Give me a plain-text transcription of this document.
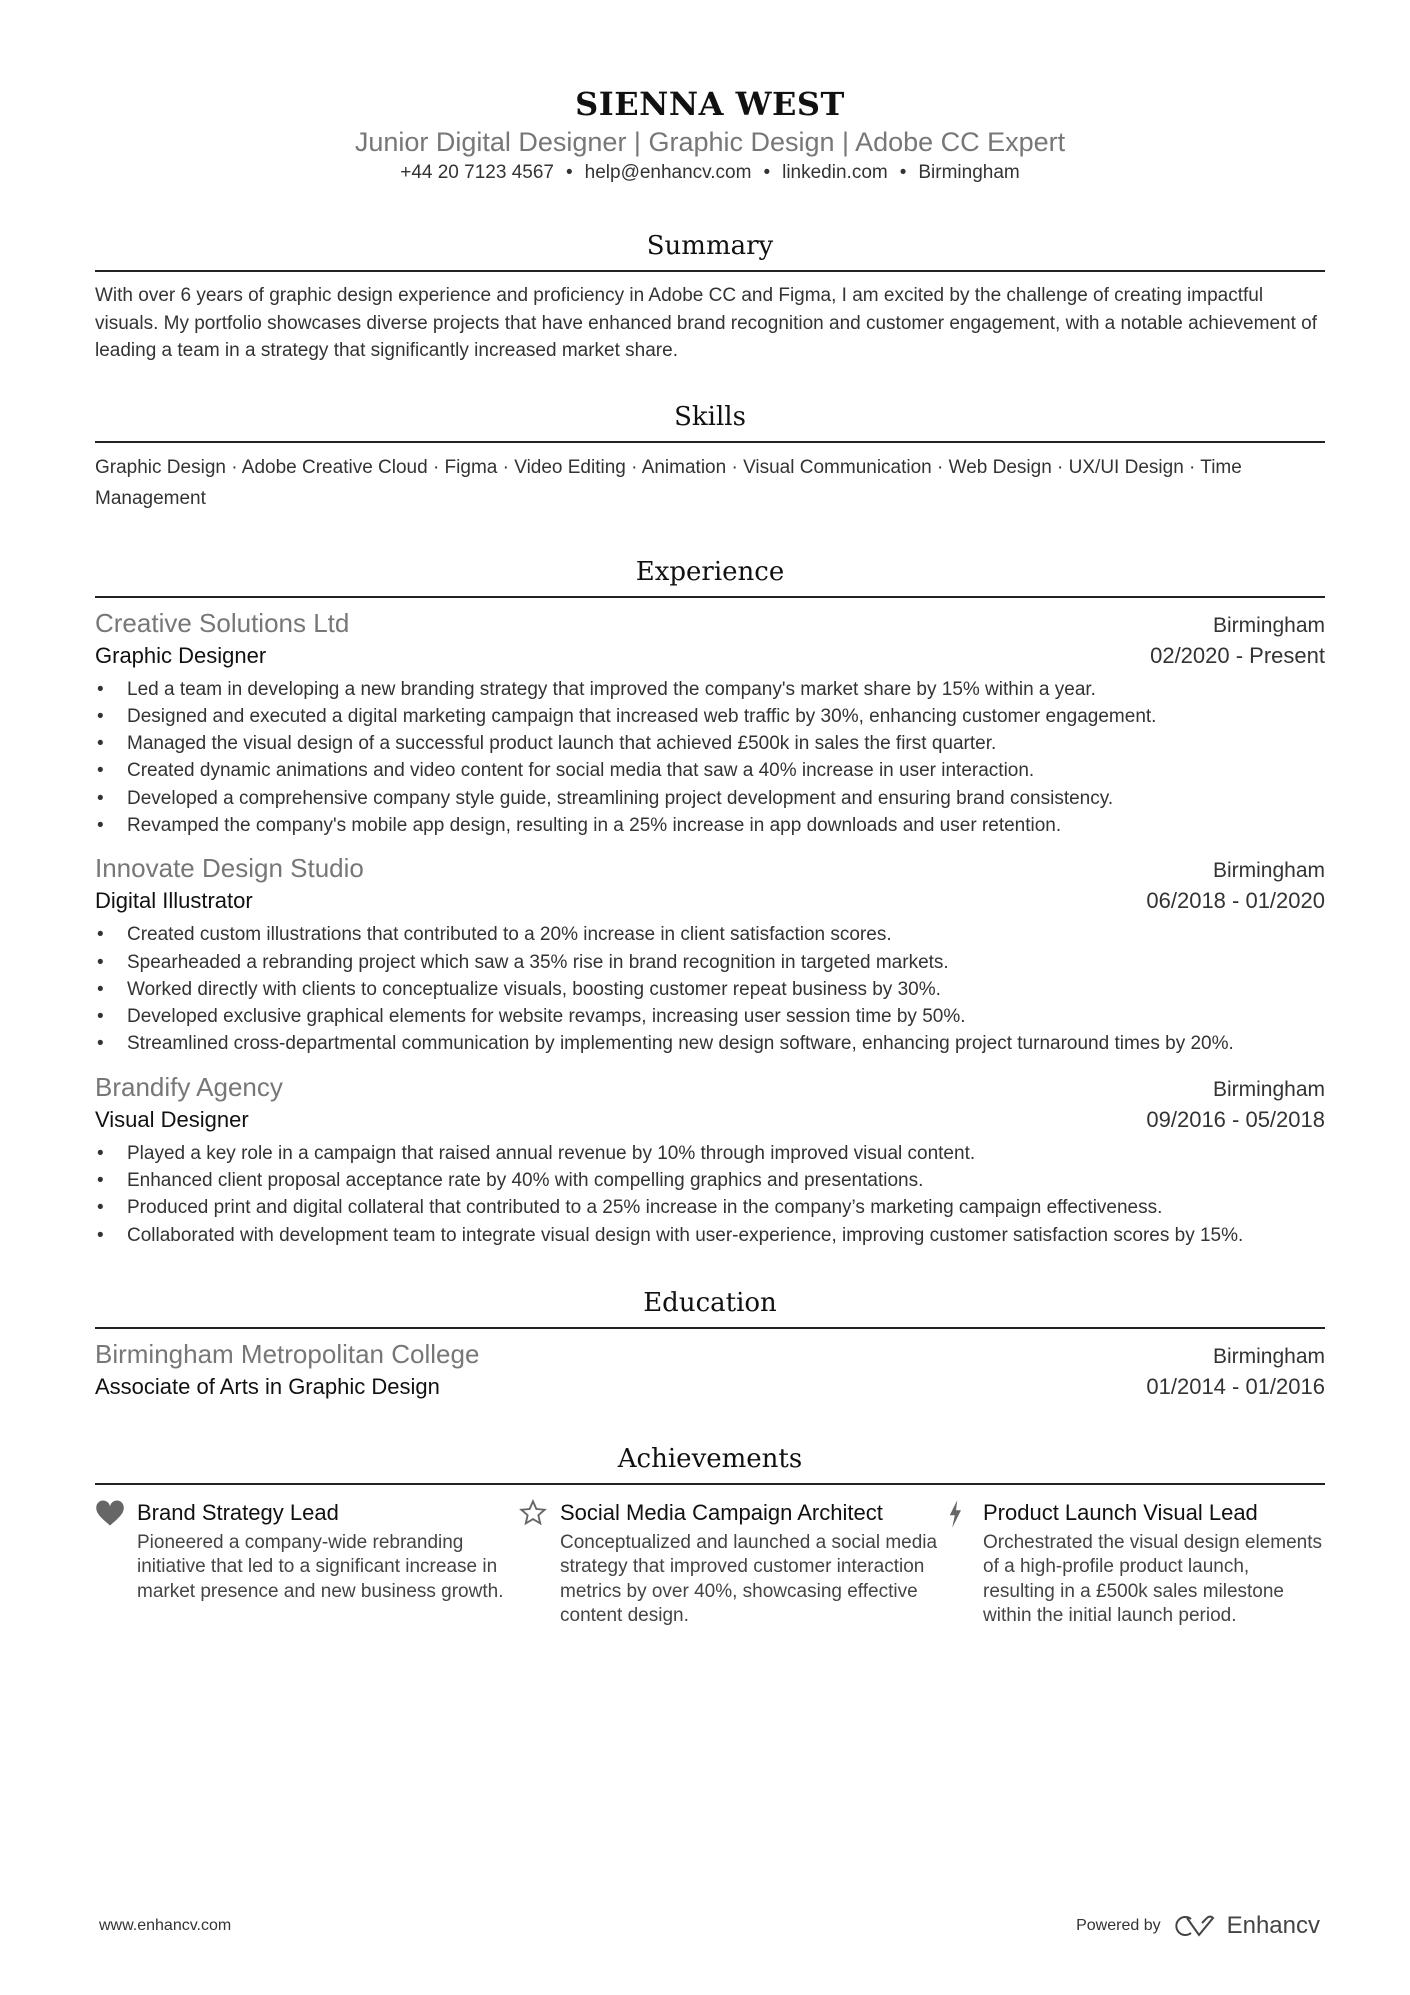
SIENNA WEST
Junior Digital Designer | Graphic Design | Adobe CC Expert
+44 20 7123 4567 • help@enhancv.com • linkedin.com • Birmingham
Summary
With over 6 years of graphic design experience and proficiency in Adobe CC and Figma, I am excited by the challenge of creating impactful visuals. My portfolio showcases diverse projects that have enhanced brand recognition and customer engagement, with a notable achievement of leading a team in a strategy that significantly increased market share.
Skills
Graphic Design · Adobe Creative Cloud · Figma · Video Editing · Animation · Visual Communication · Web Design · UX/UI Design · Time Management
Experience
Creative Solutions Ltd	Birmingham
Graphic Designer	02/2020 - Present
• Led a team in developing a new branding strategy that improved the company's market share by 15% within a year.
• Designed and executed a digital marketing campaign that increased web traffic by 30%, enhancing customer engagement.
• Managed the visual design of a successful product launch that achieved £500k in sales the first quarter.
• Created dynamic animations and video content for social media that saw a 40% increase in user interaction.
• Developed a comprehensive company style guide, streamlining project development and ensuring brand consistency.
• Revamped the company's mobile app design, resulting in a 25% increase in app downloads and user retention.
Innovate Design Studio	Birmingham
Digital Illustrator	06/2018 - 01/2020
• Created custom illustrations that contributed to a 20% increase in client satisfaction scores.
• Spearheaded a rebranding project which saw a 35% rise in brand recognition in targeted markets.
• Worked directly with clients to conceptualize visuals, boosting customer repeat business by 30%.
• Developed exclusive graphical elements for website revamps, increasing user session time by 50%.
• Streamlined cross-departmental communication by implementing new design software, enhancing project turnaround times by 20%.
Brandify Agency	Birmingham
Visual Designer	09/2016 - 05/2018
• Played a key role in a campaign that raised annual revenue by 10% through improved visual content.
• Enhanced client proposal acceptance rate by 40% with compelling graphics and presentations.
• Produced print and digital collateral that contributed to a 25% increase in the company’s marketing campaign effectiveness.
• Collaborated with development team to integrate visual design with user-experience, improving customer satisfaction scores by 15%.
Education
Birmingham Metropolitan College	Birmingham
Associate of Arts in Graphic Design	01/2014 - 01/2016
Achievements
Brand Strategy Lead
Pioneered a company-wide rebranding initiative that led to a significant increase in market presence and new business growth.
Social Media Campaign Architect
Conceptualized and launched a social media strategy that improved customer interaction metrics by over 40%, showcasing effective content design.
Product Launch Visual Lead
Orchestrated the visual design elements of a high-profile product launch, resulting in a £500k sales milestone within the initial launch period.
www.enhancv.com	Powered by	Enhancv
